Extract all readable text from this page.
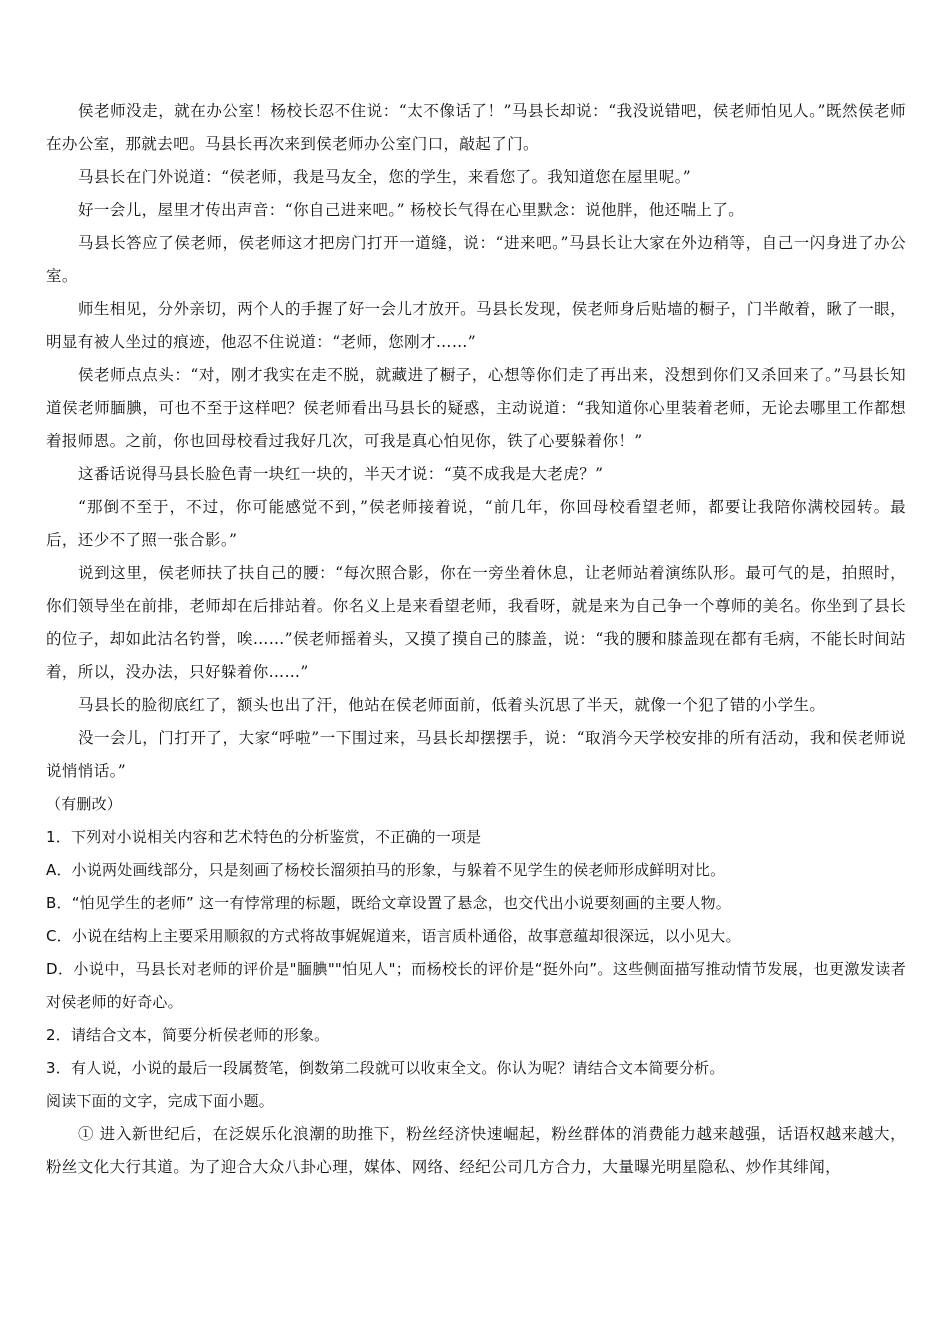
侯老师没走，就在办公室！杨校长忍不住说：“太不像话了！”马县长却说：“我没说错吧，侯老师怕见人。”既然侯老师在办公室，那就去吧。马县长再次来到侯老师办公室门口，敲起了门。

马县长在门外说道：“侯老师，我是马友全，您的学生，来看您了。我知道您在屋里呢。”

好一会儿，屋里才传出声音：“你自己进来吧。” 杨校长气得在心里默念：说他胖，他还喘上了。

马县长答应了侯老师，侯老师这才把房门打开一道缝，说：“进来吧。”马县长让大家在外边稍等，自己一闪身进了办公室。

师生相见，分外亲切，两个人的手握了好一会儿才放开。马县长发现，侯老师身后贴墙的橱子，门半敞着，瞅了一眼，明显有被人坐过的痕迹，他忍不住说道：“老师，您刚才……”

侯老师点点头：“对，刚才我实在走不脱，就藏进了橱子，心想等你们走了再出来，没想到你们又杀回来了。”马县长知道侯老师腼腆，可也不至于这样吧？侯老师看出马县长的疑惑，主动说道：“我知道你心里装着老师，无论去哪里工作都想着报师恩。之前，你也回母校看过我好几次，可我是真心怕见你，铁了心要躲着你！”

这番话说得马县长脸色青一块红一块的，半天才说：“莫不成我是大老虎？”

“那倒不至于，不过，你可能感觉不到，”侯老师接着说，“前几年，你回母校看望老师，都要让我陪你满校园转。最后，还少不了照一张合影。”

说到这里，侯老师扶了扶自己的腰：“每次照合影，你在一旁坐着休息，让老师站着演练队形。最可气的是，拍照时，你们领导坐在前排，老师却在后排站着。你名义上是来看望老师，我看呀，就是来为自己争一个尊师的美名。你坐到了县长的位子，却如此沽名钓誉，唉……”侯老师摇着头，又摸了摸自己的膝盖，说：“我的腰和膝盖现在都有毛病，不能长时间站着，所以，没办法，只好躲着你……”

马县长的脸彻底红了，额头也出了汗，他站在侯老师面前，低着头沉思了半天，就像一个犯了错的小学生。

没一会儿，门打开了，大家“呼啦”一下围过来，马县长却摆摆手，说：“取消今天学校安排的所有活动，我和侯老师说说悄悄话。”

（有删改）

1．下列对小说相关内容和艺术特色的分析鉴赏，不正确的一项是

A．小说两处画线部分，只是刻画了杨校长溜须拍马的形象，与躲着不见学生的侯老师形成鲜明对比。

B．“怕见学生的老师” 这一有悖常理的标题，既给文章设置了悬念，也交代出小说要刻画的主要人物。

C．小说在结构上主要采用顺叙的方式将故事娓娓道来，语言质朴通俗，故事意蕴却很深远，以小见大。

D．小说中，马县长对老师的评价是"腼腆""怕见人"；而杨校长的评价是“挺外向”。这些侧面描写推动情节发展，也更激发读者对侯老师的好奇心。

2．请结合文本，简要分析侯老师的形象。

3．有人说，小说的最后一段属赘笔，倒数第二段就可以收束全文。你认为呢？请结合文本简要分析。

阅读下面的文字，完成下面小题。

① 进入新世纪后，在泛娱乐化浪潮的助推下，粉丝经济快速崛起，粉丝群体的消费能力越来越强，话语权越来越大，粉丝文化大行其道。为了迎合大众八卦心理，媒体、网络、经纪公司几方合力，大量曝光明星隐私、炒作其绯闻，
